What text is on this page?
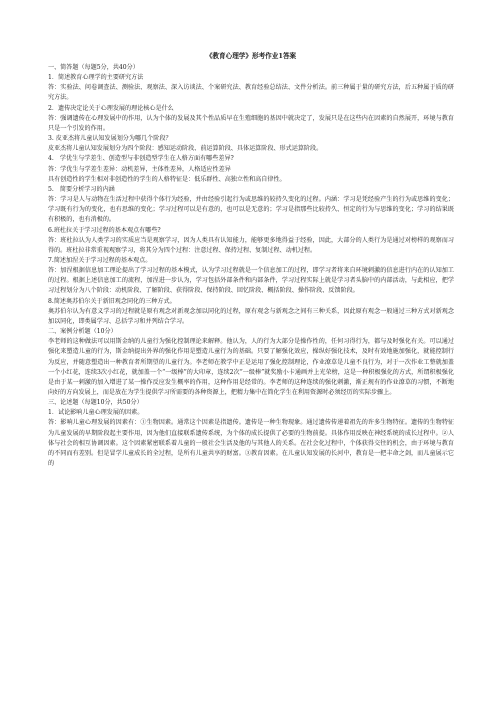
《教育心理学》形考作业1答案

一、简答题（每题5分，共40分）

1．简述教育心理学的主要研究方法

答：实验法、问卷调查法、测验法、观察法、深入访谈法、个案研究法、教育经验总结法、文件分析法。前三种属于量的研究方法，后五种属于质的研究方法。

2．遗传决定论关于心理发展的理论核心是什么

答：强调遗传在心理发展中的作用，认为个体的发展及其个性品质早在生殖细胞的基因中就决定了，发展只是在这些内在因素的自然展开，环境与教育只是一个引发的作用。

3. 皮亚杰将儿童认知发展划分为哪几个阶段？

皮亚杰将儿童认知发展划分为四个阶段：感知运动阶段、前运算阶段、具体运算阶段、形式运算阶段。

4.　学优生与学差生、创造型与非创造型学生在人格方面有哪些差异?

答：学优生与学差生差异：动机差异，主体性差异，人格适应性差异

具有创造性的学生相对非创造性的学生的人格特征是：低乐群性、高独立性和高自律性。

5.　简要分析学习的内涵

答：学习是人与动物在生活过程中获得个体行为经验，并由经验引起行为或思维的较持久变化的过程。内涵：学习是凭经验产生的行为或思维的变化；学习既有行为的变化，也有思维的变化；学习过程可以是有意的，也可以是无意的；学习是指那些比较持久、恒定的行为与思维的变化；学习的结果既有积极的，也有消极的。

6.班杜拉关于学习过程的基本观点有哪些?

答：班杜拉认为人类学习的实质应当是观察学习，因为人类具有认知能力，能够更多地得益于经验，因此，大部分的人类行为是通过对榜样的观察而习得的。班杜拉非常重视观察学习，将其分为四个过程：注意过程、保持过程、复制过程、动机过程。

7.简述加涅关于学习过程的基本观点。

答：加涅根据信息加工理论提出了学习过程的基本模式，认为学习过程就是一个信息加工的过程，即学习者将来自环境刺激的信息进行内在的认知加工的过程。根据上述信息加工的流程，加涅进一步认为，学习包括外部条件和内部条件，学习过程实际上就是学习者头脑中的内部活动，与此相应，把学习过程划分为八个阶段：动机阶段、了解阶段、获得阶段、保持阶段、回忆阶段、概括阶段、操作阶段、反馈阶段。

8.简述奥苏伯尔关于新旧观念同化的三种方式。

奥苏伯尔认为有意义学习的过程就是原有观念对新观念加以同化的过程，原有观念与新观念之间有三种关系，因此原有观念一般通过三种方式对新观念加以同化，即类属学习、总括学习和并列结合学习。

二、案例分析题（10分）

李老师的这种做法可以用斯金纳的儿童行为强化控制理论来解释。他认为，人的行为大部分是操作性的，任何习得行为，都与及时强化有关。可以通过强化来塑造儿童的行为，斯金纳提出外界的强化作用是塑造儿童行为的基础。只要了解强化效应，操纵好强化技术，及时有效地施加强化，就能控制行为反应，并随意塑造出一种教育者所期望的儿童行为。李老师在教学中正是运用了强化控制理论，作业潦草是儿童不良行为，对于一次作业工整就加盖一个小红花，连续3次小红花，就加盖一个“一级棒”的大印章，连续2次“一级棒”就奖励小卡通画并上光荣榜，这是一种积极强化的方式，所谓积极强化是由于某一刺激的加入增进了某一操作反应发生概率的作用，这种作用是经常的。李老师的这种连续的强化刺激，渐正规有的作业潦草的习惯，不断地向好的方向发展上，而是放在为学生提供学习所需要的各种资源上，把精力集中在简化学生在利用资源时必须经历的实际步骤上。

三、论述题（每题10分，共50分）

1．试论影响儿童心理发展的因素。

答：影响儿童心理发展的因素有：①生物因素。通常这个因素是指遗传。遗传是一种生物现象。通过遗传传递着祖先的许多生物特征。遗传的生物特征为儿童发展的早期阶段起主要作用，因为他们直接联系遗传系统，为个体的成长提供了必要的生物前提。具体作用反映在神经系统的成长过程中。②人体与社会的相互协调因素。这个因素紧密联系着儿童的一般社会生活及他的与其他人的关系。在社会化过程中，个体获得交往的机会，由于环境与教育的不同而有差别。但是冒学儿童成长的全过程，是所有儿童共享的财富。③教育因素。在儿童认知发展的长河中，教育是一把丰命之剑，而儿童展示它的
